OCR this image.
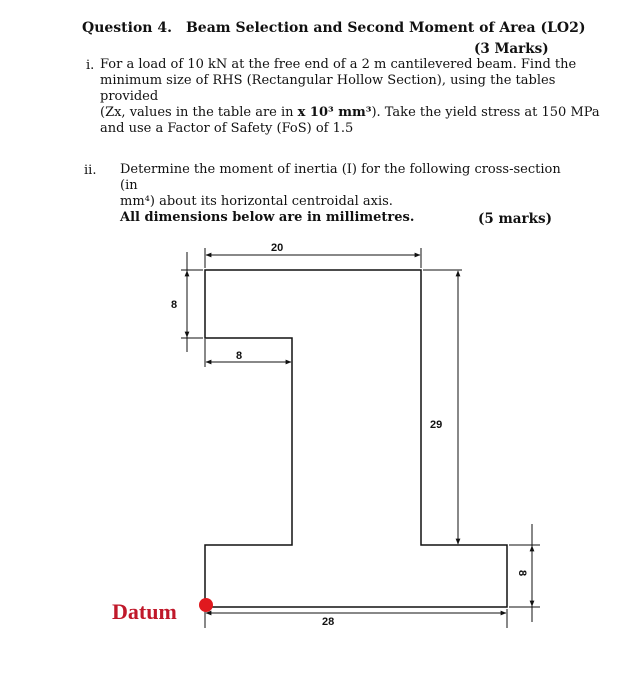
Question 4. Beam Selection and Second Moment of Area (LO2)
(3 Marks)
i. For a load of 10 kN at the free end of a 2 m cantilevered beam. Find the
minimum size of RHS (Rectangular Hollow Section), using the tables provided
(Zx, values in the table are in x 10³ mm³). Take the yield stress at 150 MPa
and use a Factor of Safety (FoS) of 1.5
ii. Determine the moment of inertia (I) for the following cross-section (in
mm⁴) about its horizontal centroidal axis.
All dimensions below are in millimetres.	(5 marks)
20
8
8
29
8
28
Datum
